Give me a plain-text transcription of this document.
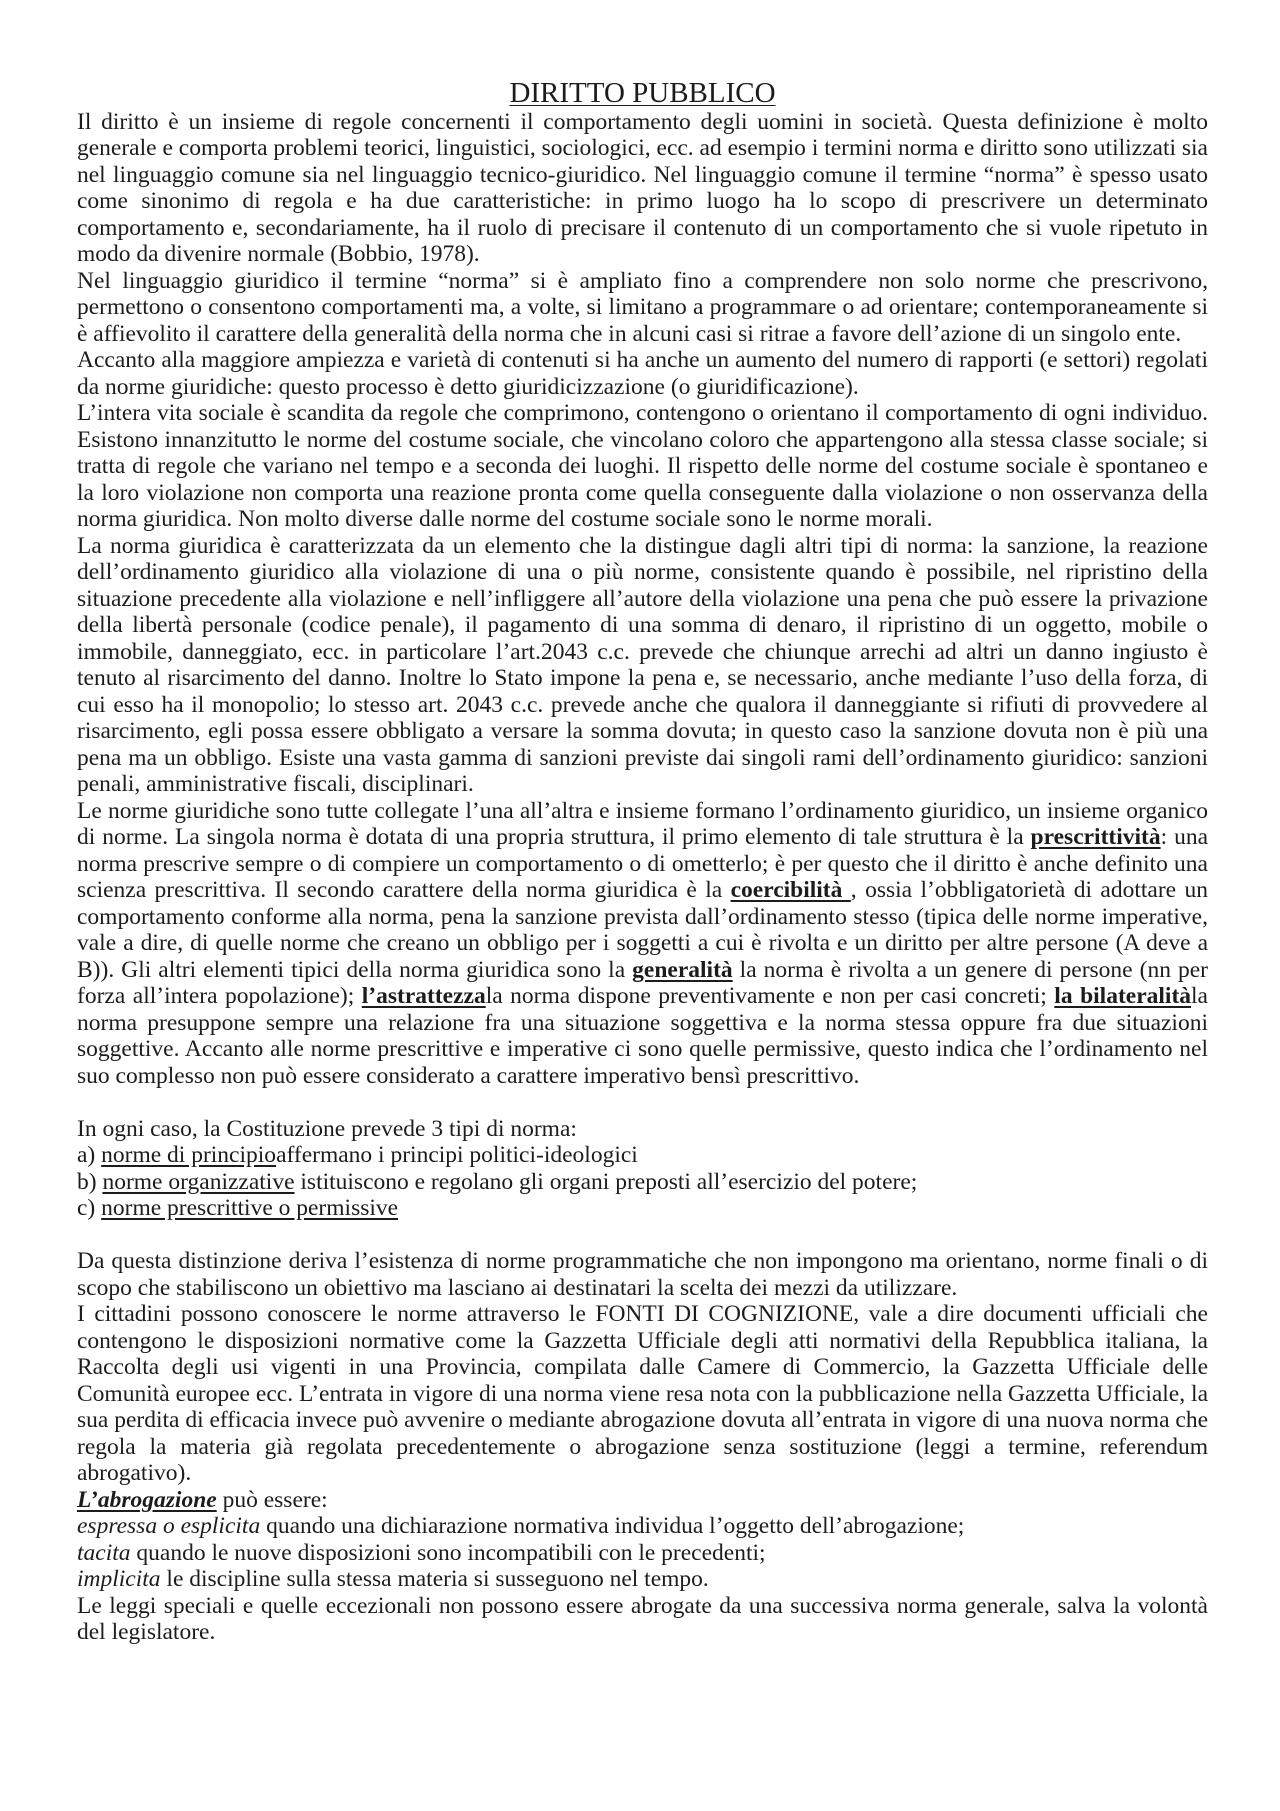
DIRITTO PUBBLICO

Il diritto è un insieme di regole concernenti il comportamento degli uomini in società. Questa definizione è molto generale e comporta problemi teorici, linguistici, sociologici, ecc. ad esempio i termini norma e diritto sono utilizzati sia nel linguaggio comune sia nel linguaggio tecnico-giuridico. Nel linguaggio comune il termine “norma” è spesso usato come sinonimo di regola e ha due caratteristiche: in primo luogo ha lo scopo di prescrivere un determinato comportamento e, secondariamente, ha il ruolo di precisare il contenuto di un comportamento che si vuole ripetuto in modo da divenire normale (Bobbio, 1978).

Nel linguaggio giuridico il termine “norma” si è ampliato fino a comprendere non solo norme che prescrivono, permettono o consentono comportamenti ma, a volte, si limitano a programmare o ad orientare; contemporaneamente si è affievolito il carattere della generalità della norma che in alcuni casi si ritrae a favore dell’azione di un singolo ente.

Accanto alla maggiore ampiezza e varietà di contenuti si ha anche un aumento del numero di rapporti (e settori) regolati da norme giuridiche: questo processo è detto giuridicizzazione (o giuridificazione).

L’intera vita sociale è scandita da regole che comprimono, contengono o orientano il comportamento di ogni individuo. Esistono innanzitutto le norme del costume sociale, che vincolano coloro che appartengono alla stessa classe sociale; si tratta di regole che variano nel tempo e a seconda dei luoghi. Il rispetto delle norme del costume sociale è spontaneo e la loro violazione non comporta una reazione pronta come quella conseguente dalla violazione o non osservanza della norma giuridica. Non molto diverse dalle norme del costume sociale sono le norme morali.

La norma giuridica è caratterizzata da un elemento che la distingue dagli altri tipi di norma: la sanzione, la reazione dell’ordinamento giuridico alla violazione di una o più norme, consistente quando è possibile, nel ripristino della situazione precedente alla violazione e nell’infliggere all’autore della violazione una pena che può essere la privazione della libertà personale (codice penale), il pagamento di una somma di denaro, il ripristino di un oggetto, mobile o immobile, danneggiato, ecc. in particolare l’art.2043 c.c. prevede che chiunque arrechi ad altri un danno ingiusto è tenuto al risarcimento del danno. Inoltre lo Stato impone la pena e, se necessario, anche mediante l’uso della forza, di cui esso ha il monopolio; lo stesso art. 2043 c.c. prevede anche che qualora il danneggiante si rifiuti di provvedere al risarcimento, egli possa essere obbligato a versare la somma dovuta; in questo caso la sanzione dovuta non è più una pena ma un obbligo. Esiste una vasta gamma di sanzioni previste dai singoli rami dell’ordinamento giuridico: sanzioni penali, amministrative fiscali, disciplinari.

Le norme giuridiche sono tutte collegate l’una all’altra e insieme formano l’ordinamento giuridico, un insieme organico di norme. La singola norma è dotata di una propria struttura, il primo elemento di tale struttura è la prescrittività: una norma prescrive sempre o di compiere un comportamento o di ometterlo; è per questo che il diritto è anche definito una scienza prescrittiva. Il secondo carattere della norma giuridica è la coercibilità , ossia l’obbligatorietà di adottare un comportamento conforme alla norma, pena la sanzione prevista dall’ordinamento stesso (tipica delle norme imperative, vale a dire, di quelle norme che creano un obbligo per i soggetti a cui è rivolta e un diritto per altre persone (A deve a B)). Gli altri elementi tipici della norma giuridica sono la generalità la norma è rivolta a un genere di persone (nn per forza all’intera popolazione); l’astrattezzala norma dispone preventivamente e non per casi concreti; la bilateralitàla norma presuppone sempre una relazione fra una situazione soggettiva e la norma stessa oppure fra due situazioni soggettive. Accanto alle norme prescrittive e imperative ci sono quelle permissive, questo indica che l’ordinamento nel suo complesso non può essere considerato a carattere imperativo bensì prescrittivo.

In ogni caso, la Costituzione prevede 3 tipi di norma:

a) norme di principioaffermano i principi politici-ideologici

b) norme organizzative istituiscono e regolano gli organi preposti all’esercizio del potere;

c) norme prescrittive o permissive

Da questa distinzione deriva l’esistenza di norme programmatiche che non impongono ma orientano, norme finali o di scopo che stabiliscono un obiettivo ma lasciano ai destinatari la scelta dei mezzi da utilizzare.

I cittadini possono conoscere le norme attraverso le FONTI DI COGNIZIONE, vale a dire documenti ufficiali che contengono le disposizioni normative come la Gazzetta Ufficiale degli atti normativi della Repubblica italiana, la Raccolta degli usi vigenti in una Provincia, compilata dalle Camere di Commercio, la Gazzetta Ufficiale delle Comunità europee ecc. L’entrata in vigore di una norma viene resa nota con la pubblicazione nella Gazzetta Ufficiale, la sua perdita di efficacia invece può avvenire o mediante abrogazione dovuta all’entrata in vigore di una nuova norma che regola la materia già regolata precedentemente o abrogazione senza sostituzione (leggi a termine, referendum abrogativo).

L’abrogazione può essere:

espressa o esplicita quando una dichiarazione normativa individua l’oggetto dell’abrogazione;

tacita quando le nuove disposizioni sono incompatibili con le precedenti;

implicita le discipline sulla stessa materia si susseguono nel tempo.

Le leggi speciali e quelle eccezionali non possono essere abrogate da una successiva norma generale, salva la volontà del legislatore.
